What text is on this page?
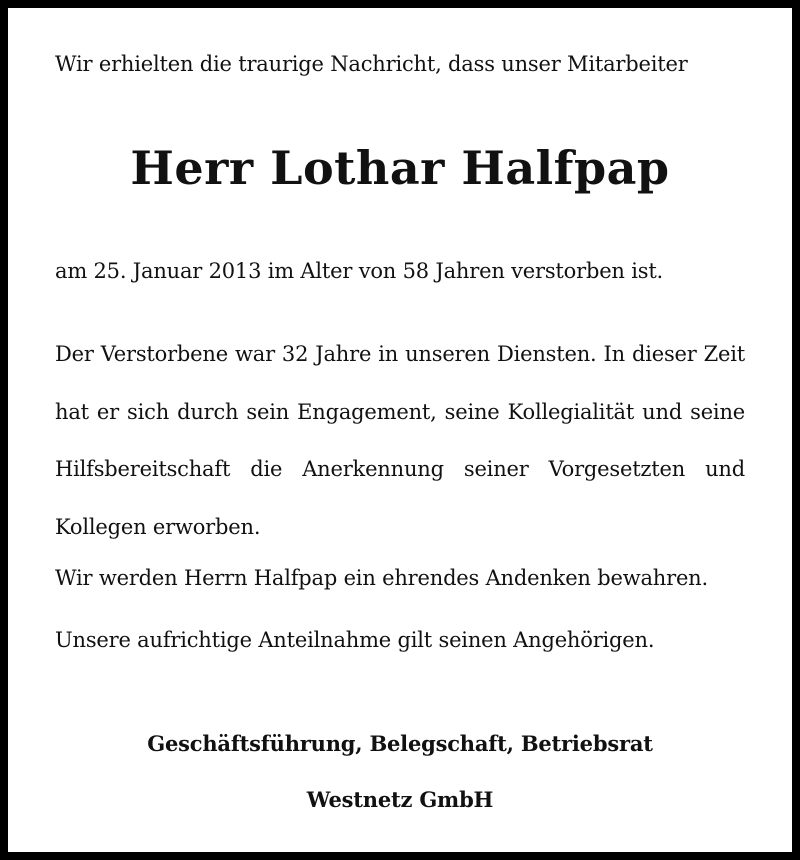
Wir erhielten die traurige Nachricht, dass unser Mitarbeiter

Herr Lothar Halfpap

am 25. Januar 2013 im Alter von 58 Jahren verstorben ist.

Der Verstorbene war 32 Jahre in unseren Diensten. In dieser Zeit hat er sich durch sein Engagement, seine Kollegialität und seine Hilfsbereitschaft die Anerkennung seiner Vorgesetzten und Kollegen erworben.

Wir werden Herrn Halfpap ein ehrendes Andenken bewahren.

Unsere aufrichtige Anteilnahme gilt seinen Angehörigen.

Geschäftsführung, Belegschaft, Betriebsrat

Westnetz GmbH
